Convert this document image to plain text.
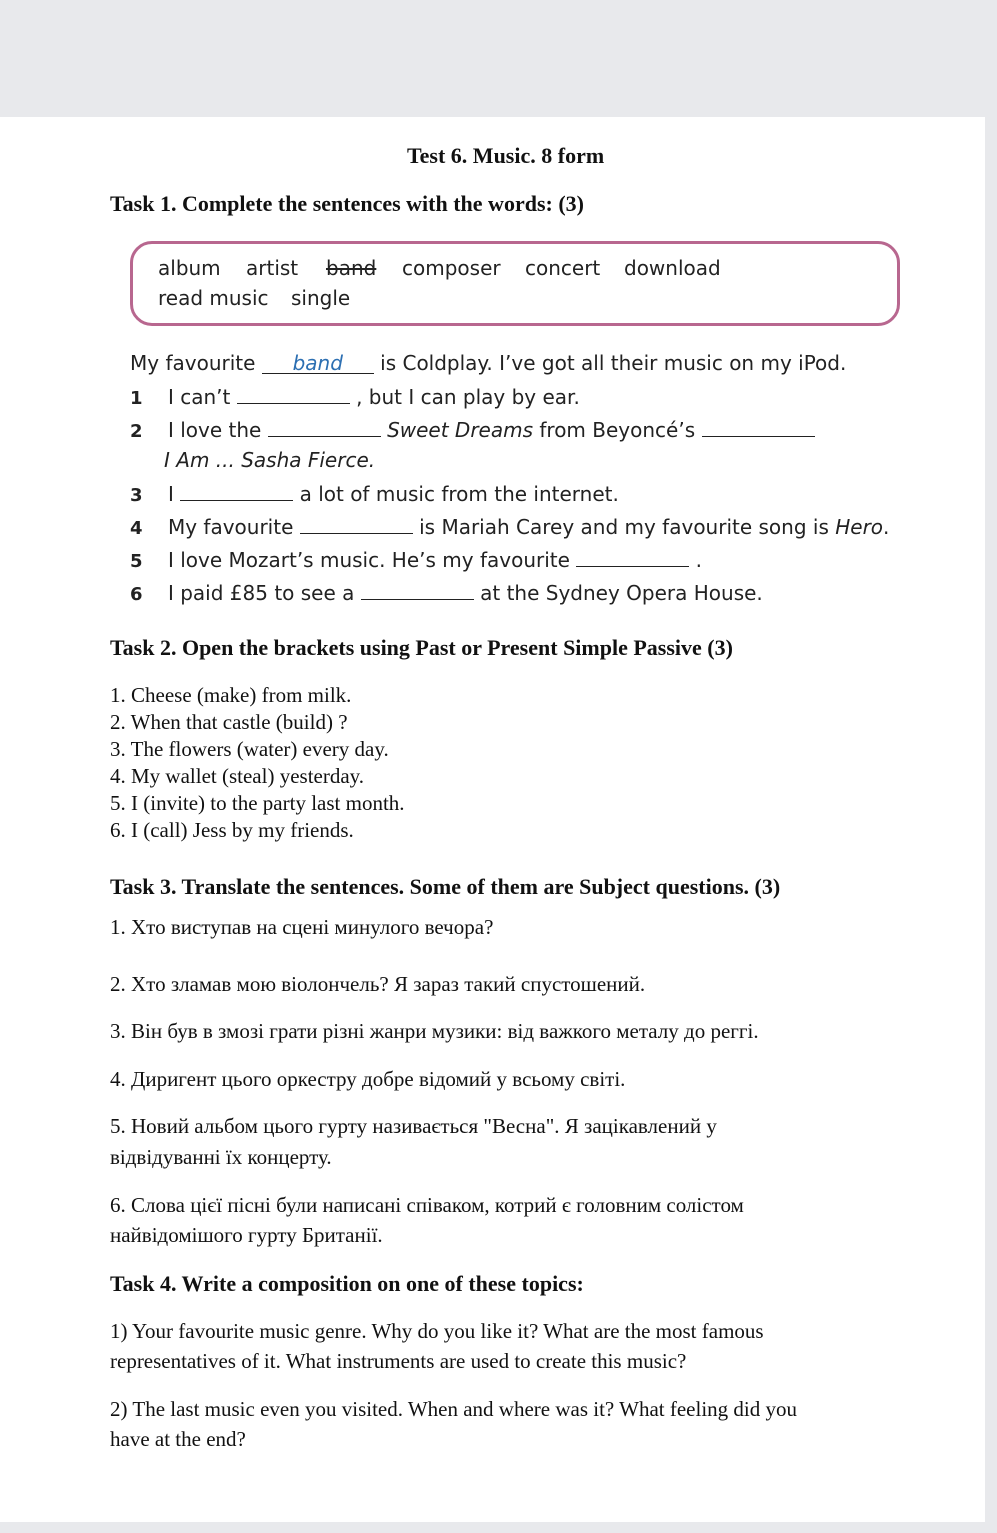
Test 6. Music. 8 form
Task 1. Complete the sentences with the words: (3)
album artist band composer concert download
read music single
My favourite band is Coldplay. I’ve got all their music on my iPod.
1 I can’t	, but I can play by ear.
2 I love the	Sweet Dreams from Beyoncé’s
I Am ... Sasha Fierce.
3 I	a lot of music from the internet.
4 My favourite	is Mariah Carey and my favourite song is Hero.
5 I love Mozart’s music. He’s my favourite	.
6 I paid £85 to see a	at the Sydney Opera House.
Task 2. Open the brackets using Past or Present Simple Passive (3)
1. Cheese (make) from milk.
2. When that castle (build) ?
3. The flowers (water) every day.
4. My wallet (steal) yesterday.
5. I (invite) to the party last month.
6. I (call) Jess by my friends.
Task 3. Translate the sentences. Some of them are Subject questions. (3)
1. Хто виступав на сцені минулого вечора?
2. Хто зламав мою віолончель? Я зараз такий спустошений.
3. Він був в змозі грати різні жанри музики: від важкого металу до реггі.
4. Диригент цього оркестру добре відомий у всьому світі.
5. Новий альбом цього гурту називається "Весна". Я зацікавлений у
відвідуванні їх концерту.
6. Слова цієї пісні були написані співаком, котрий є головним солістом
найвідомішого гурту Британії.
Task 4. Write a composition on one of these topics:
1) Your favourite music genre. Why do you like it? What are the most famous
representatives of it. What instruments are used to create this music?
2) The last music even you visited. When and where was it? What feeling did you
have at the end?
